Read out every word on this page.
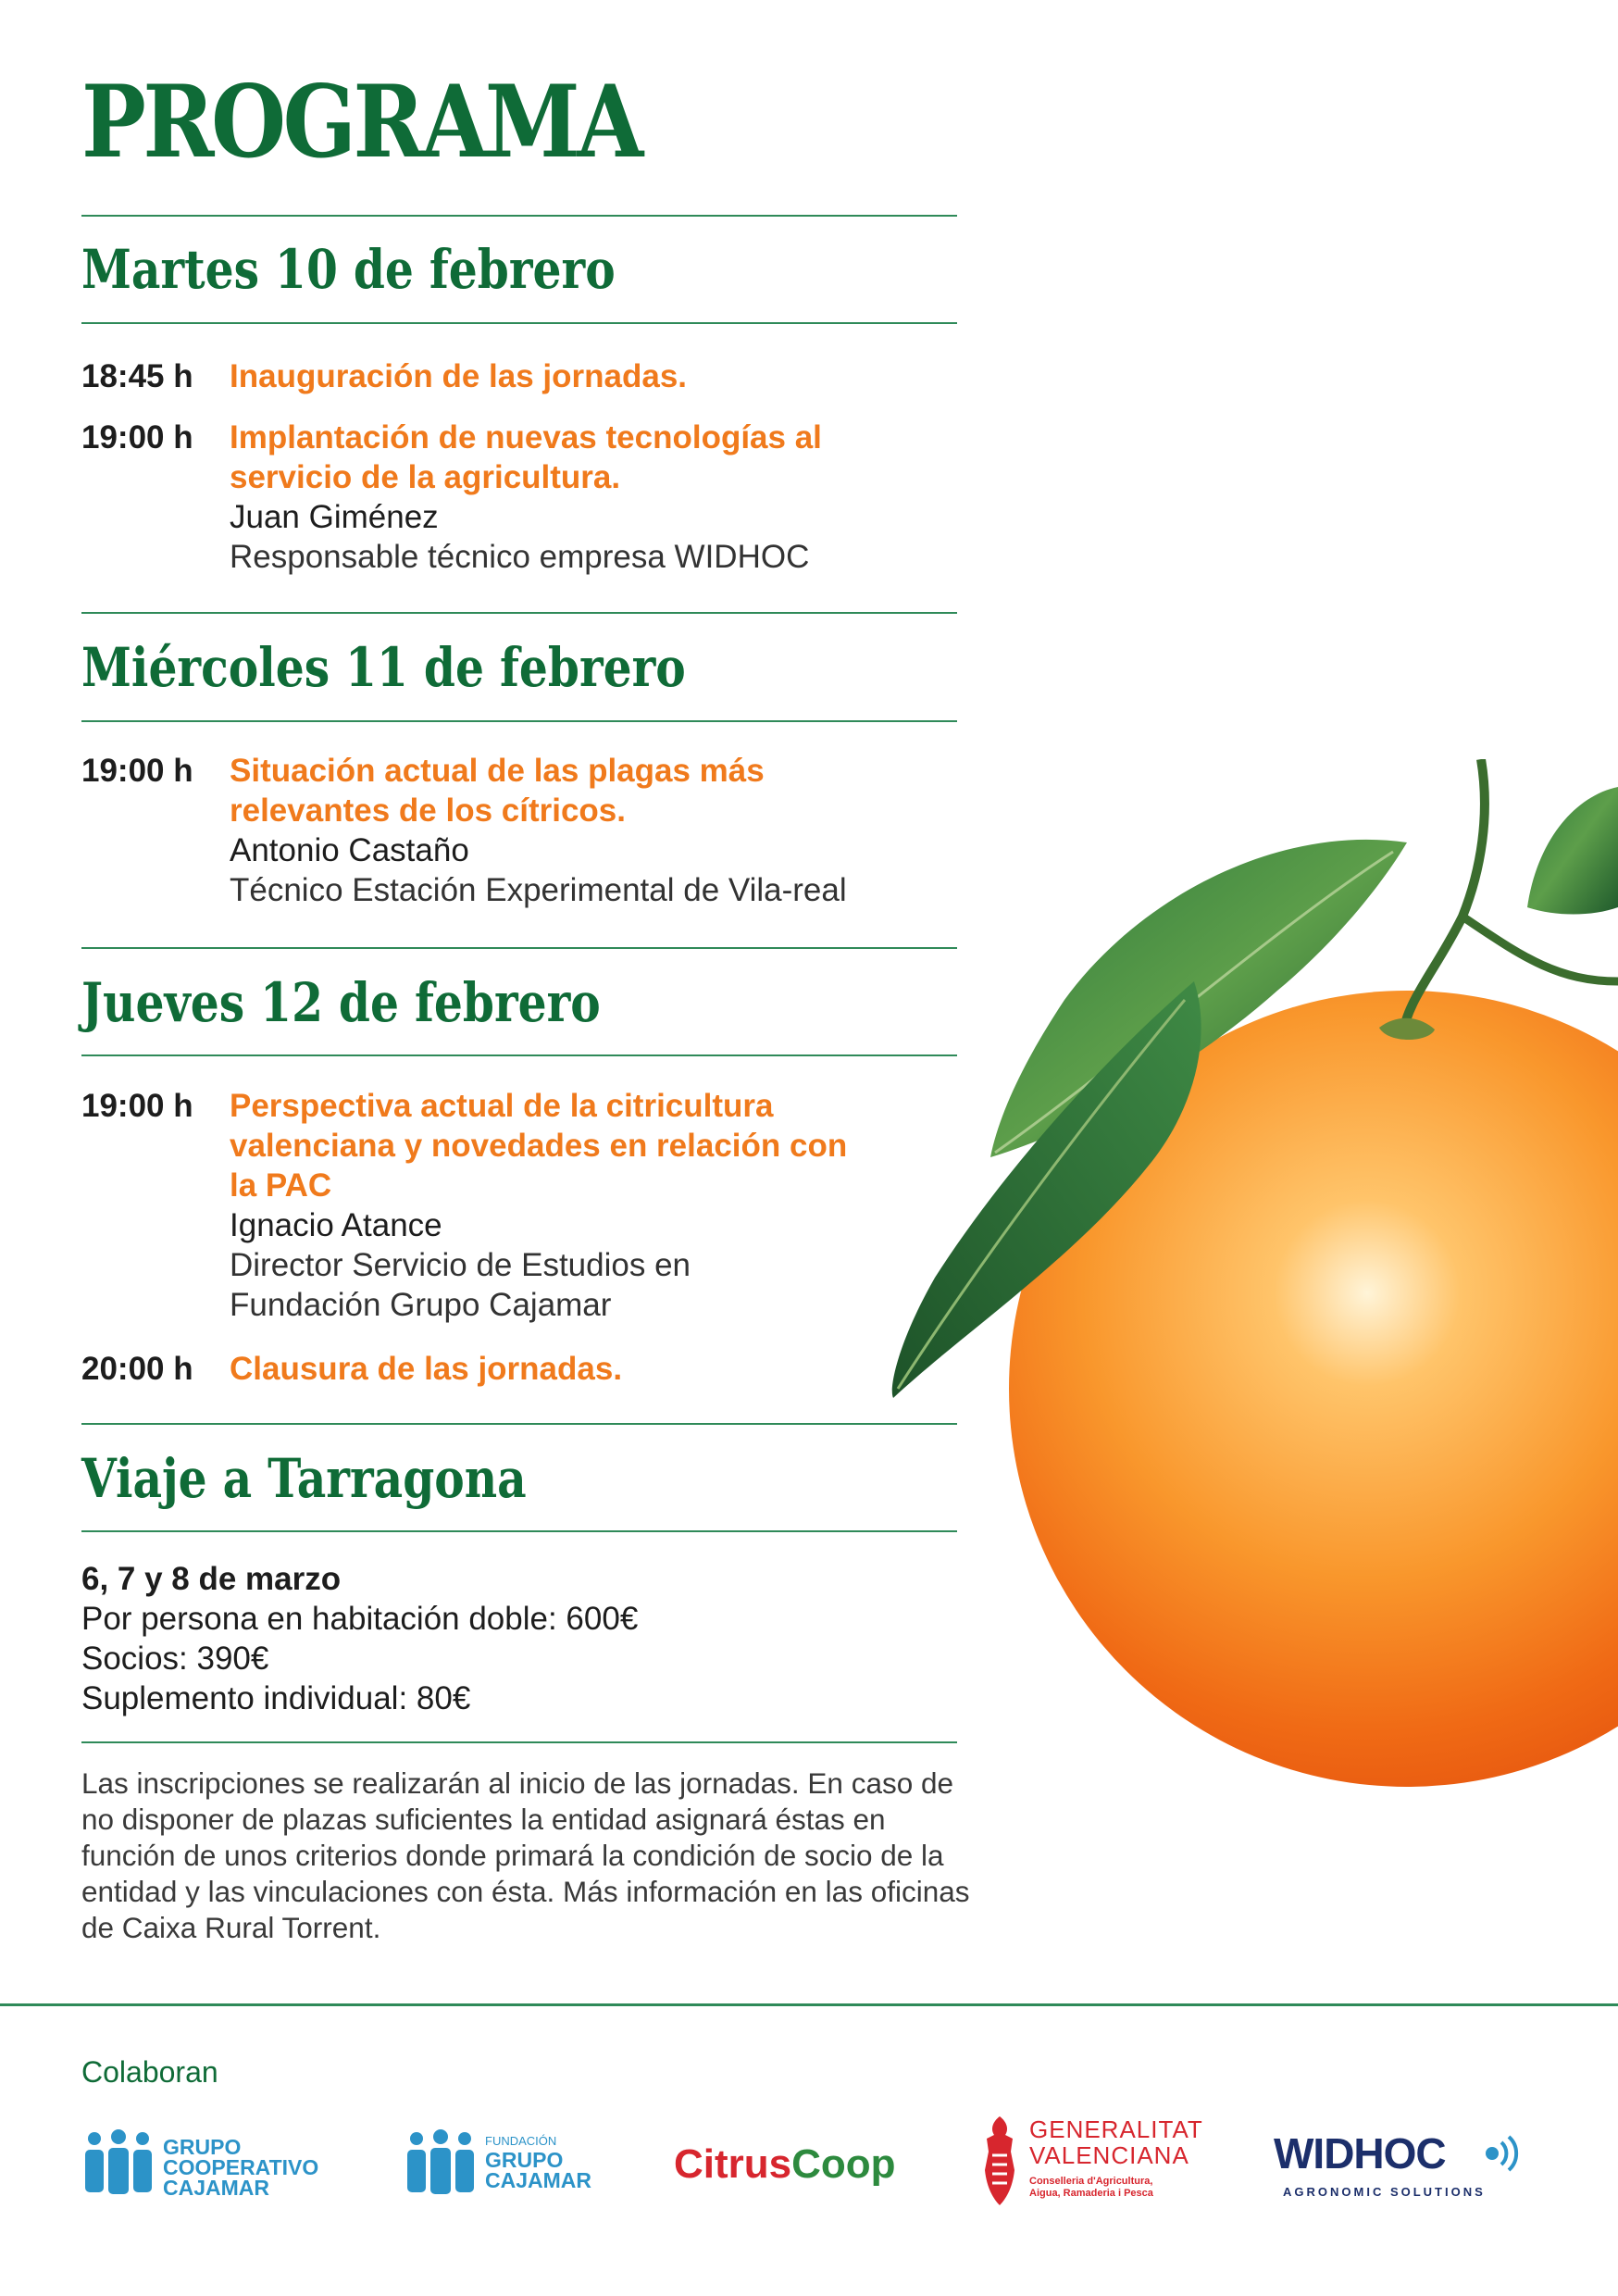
PROGRAMA
Martes 10 de febrero
18:45 h Inauguración de las jornadas.
19:00 h Implantación de nuevas tecnologías al servicio de la agricultura.
Juan Giménez
Responsable técnico empresa WIDHOC
Miércoles 11 de febrero
19:00 h Situación actual de las plagas más relevantes de los cítricos.
Antonio Castaño
Técnico Estación Experimental de Vila-real
Jueves 12 de febrero
19:00 h Perspectiva actual de la citricultura valenciana y novedades en relación con la PAC
Ignacio Atance
Director Servicio de Estudios en Fundación Grupo Cajamar
20:00 h Clausura de las jornadas.
Viaje a Tarragona
6, 7 y 8 de marzo
Por persona en habitación doble: 600€
Socios: 390€
Suplemento individual: 80€

Las inscripciones se realizarán al inicio de las jornadas. En caso de no disponer de plazas suficientes la entidad asignará éstas en función de unos criterios donde primará la condición de socio de la entidad y las vinculaciones con ésta. Más información en las oficinas de Caixa Rural Torrent.

Colaboran
GRUPO
COOPERATIVO
CAJAMAR
FUNDACIÓN
GRUPO
CAJAMAR CitrusCoop
GENERALITAT
VALENCIANA
Conselleria d'Agricultura,
Aigua, Ramaderia i Pesca
WIDHOC
AGRONOMIC SOLUTIONS
